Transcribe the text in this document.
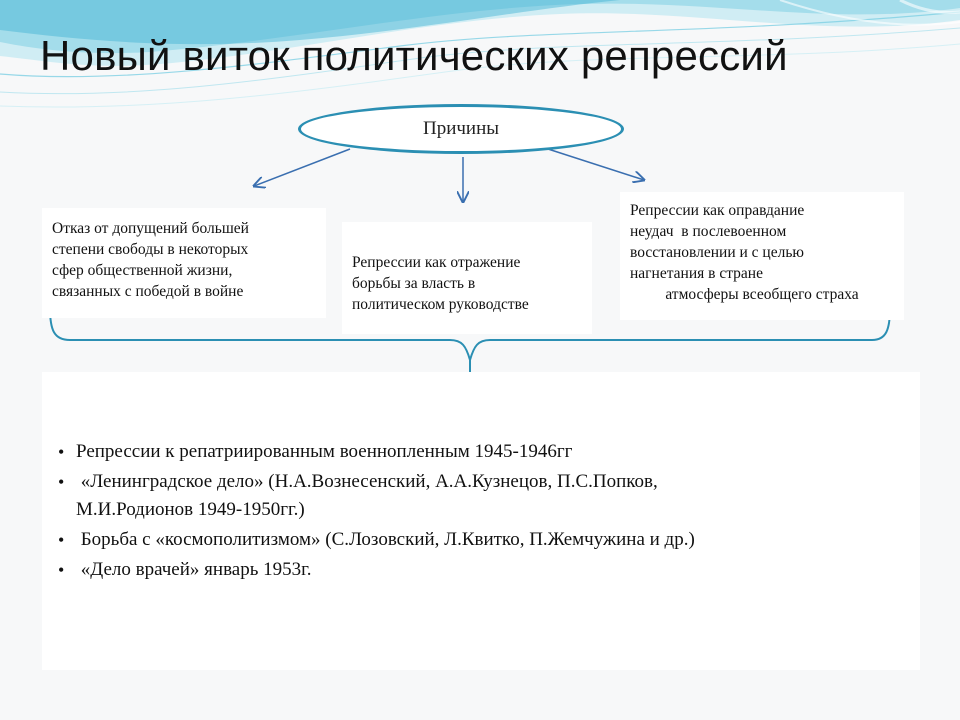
Новый виток политических репрессий
Причины
Отказ от допущений большей
степени свободы в некоторых
сфер общественной жизни,
связанных с победой в войне
Репрессии как отражение
борьбы за власть в
политическом руководстве
Репрессии как оправдание
неудач  в послевоенном
восстановлении и с целью
нагнетания в стране
атмосферы всеобщего страха
• Репрессии к репатриированным военнопленным 1945-1946гг
•  «Ленинградское дело» (Н.А.Вознесенский, А.А.Кузнецов, П.С.Попков,
М.И.Родионов 1949-1950гг.)
•  Борьба с «космополитизмом» (С.Лозовский, Л.Квитко, П.Жемчужина и др.)
•  «Дело врачей» январь 1953г.
